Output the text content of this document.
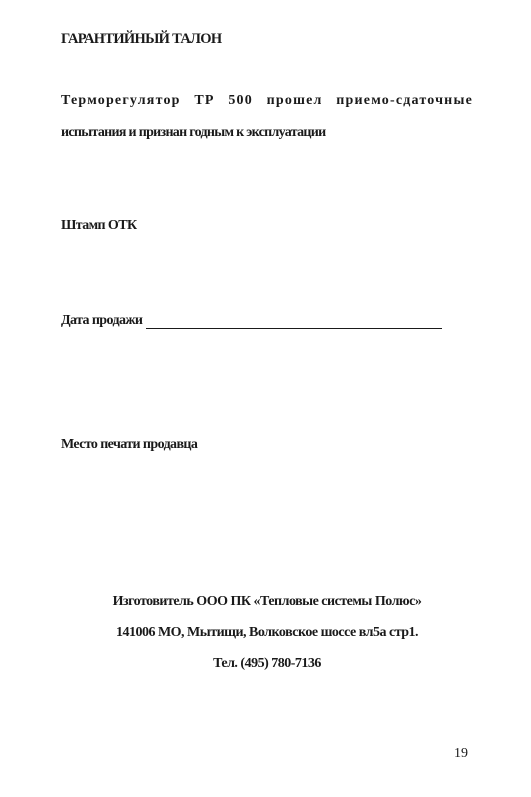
ГАРАНТИЙНЫЙ ТАЛОН

Терморегулятор ТР 500 прошел приемо-сдаточные

испытания и признан годным к эксплуатации

Штамп ОТК

Дата продажи

Место печати продавца

Изготовитель ООО ПК «Тепловые системы Полюс»

141006 МО, Мытищи, Волковское шоссе вл5а стр1.

Тел. (495) 780-7136

19
